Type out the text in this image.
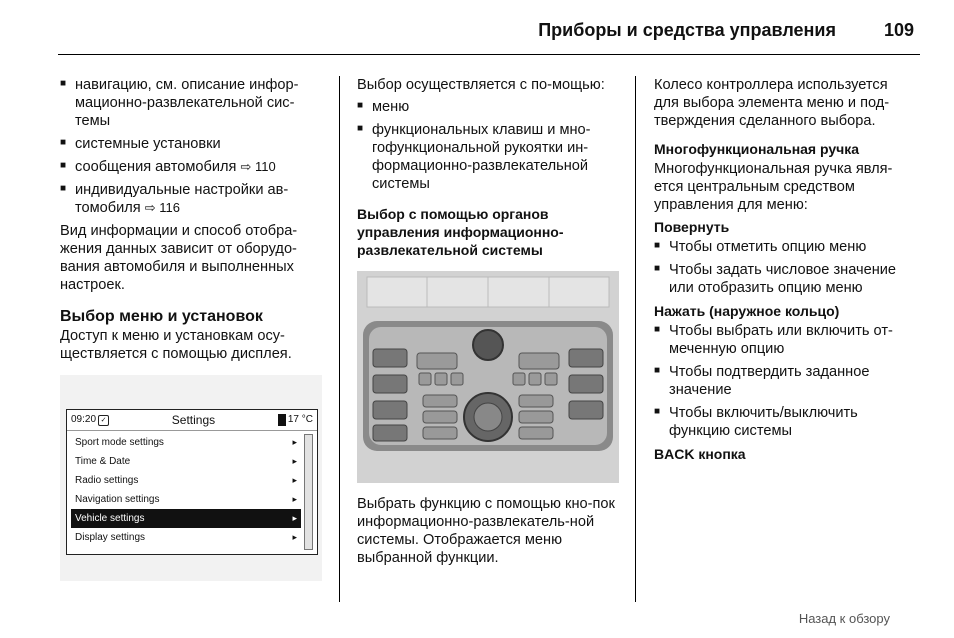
Приборы и средства управления	109
■ навигацию, см. описание инфор-мационно-развлекательной сис-темы
■ системные установки
■ сообщения автомобиля ⇨ 110
■ индивидуальные настройки ав-томобиля ⇨ 116

Вид информации и способ отобра-жения данных зависит от оборудо-вания автомобиля и выполненных настроек.

Выбор меню и установок

Доступ к меню и установкам осу-ществляется с помощью дисплея.

09:20 ✓	Settings	17 °C
Sport mode settings	▸
Time & Date	▸
Radio settings	▸
Navigation settings	▸
Vehicle settings	▸
Display settings	▸

Выбор осуществляется с по-мощью:

■ меню
■ функциональных клавиш и мно-гофункциональной рукоятки ин-формационно-развлекательной системы
Выбор с помощью органов управления информационно-развлекательной системы

Выбрать функцию с помощью кно-пок информационно-развлекатель-ной системы. Отображается меню выбранной функции.

Колесо контроллера используется для выбора элемента меню и под-тверждения сделанного выбора.

Многофункциональная ручка

Многофункциональная ручка явля-ется центральным средством управления для меню:

Повернуть
■ Чтобы отметить опцию меню
■ Чтобы задать числовое значение или отобразить опцию меню
Нажать (наружное кольцо)
■ Чтобы выбрать или включить от-меченную опцию
■ Чтобы подтвердить заданное значение
■ Чтобы включить/выключить функцию системы
BACK кнопка
Назад к обзору
